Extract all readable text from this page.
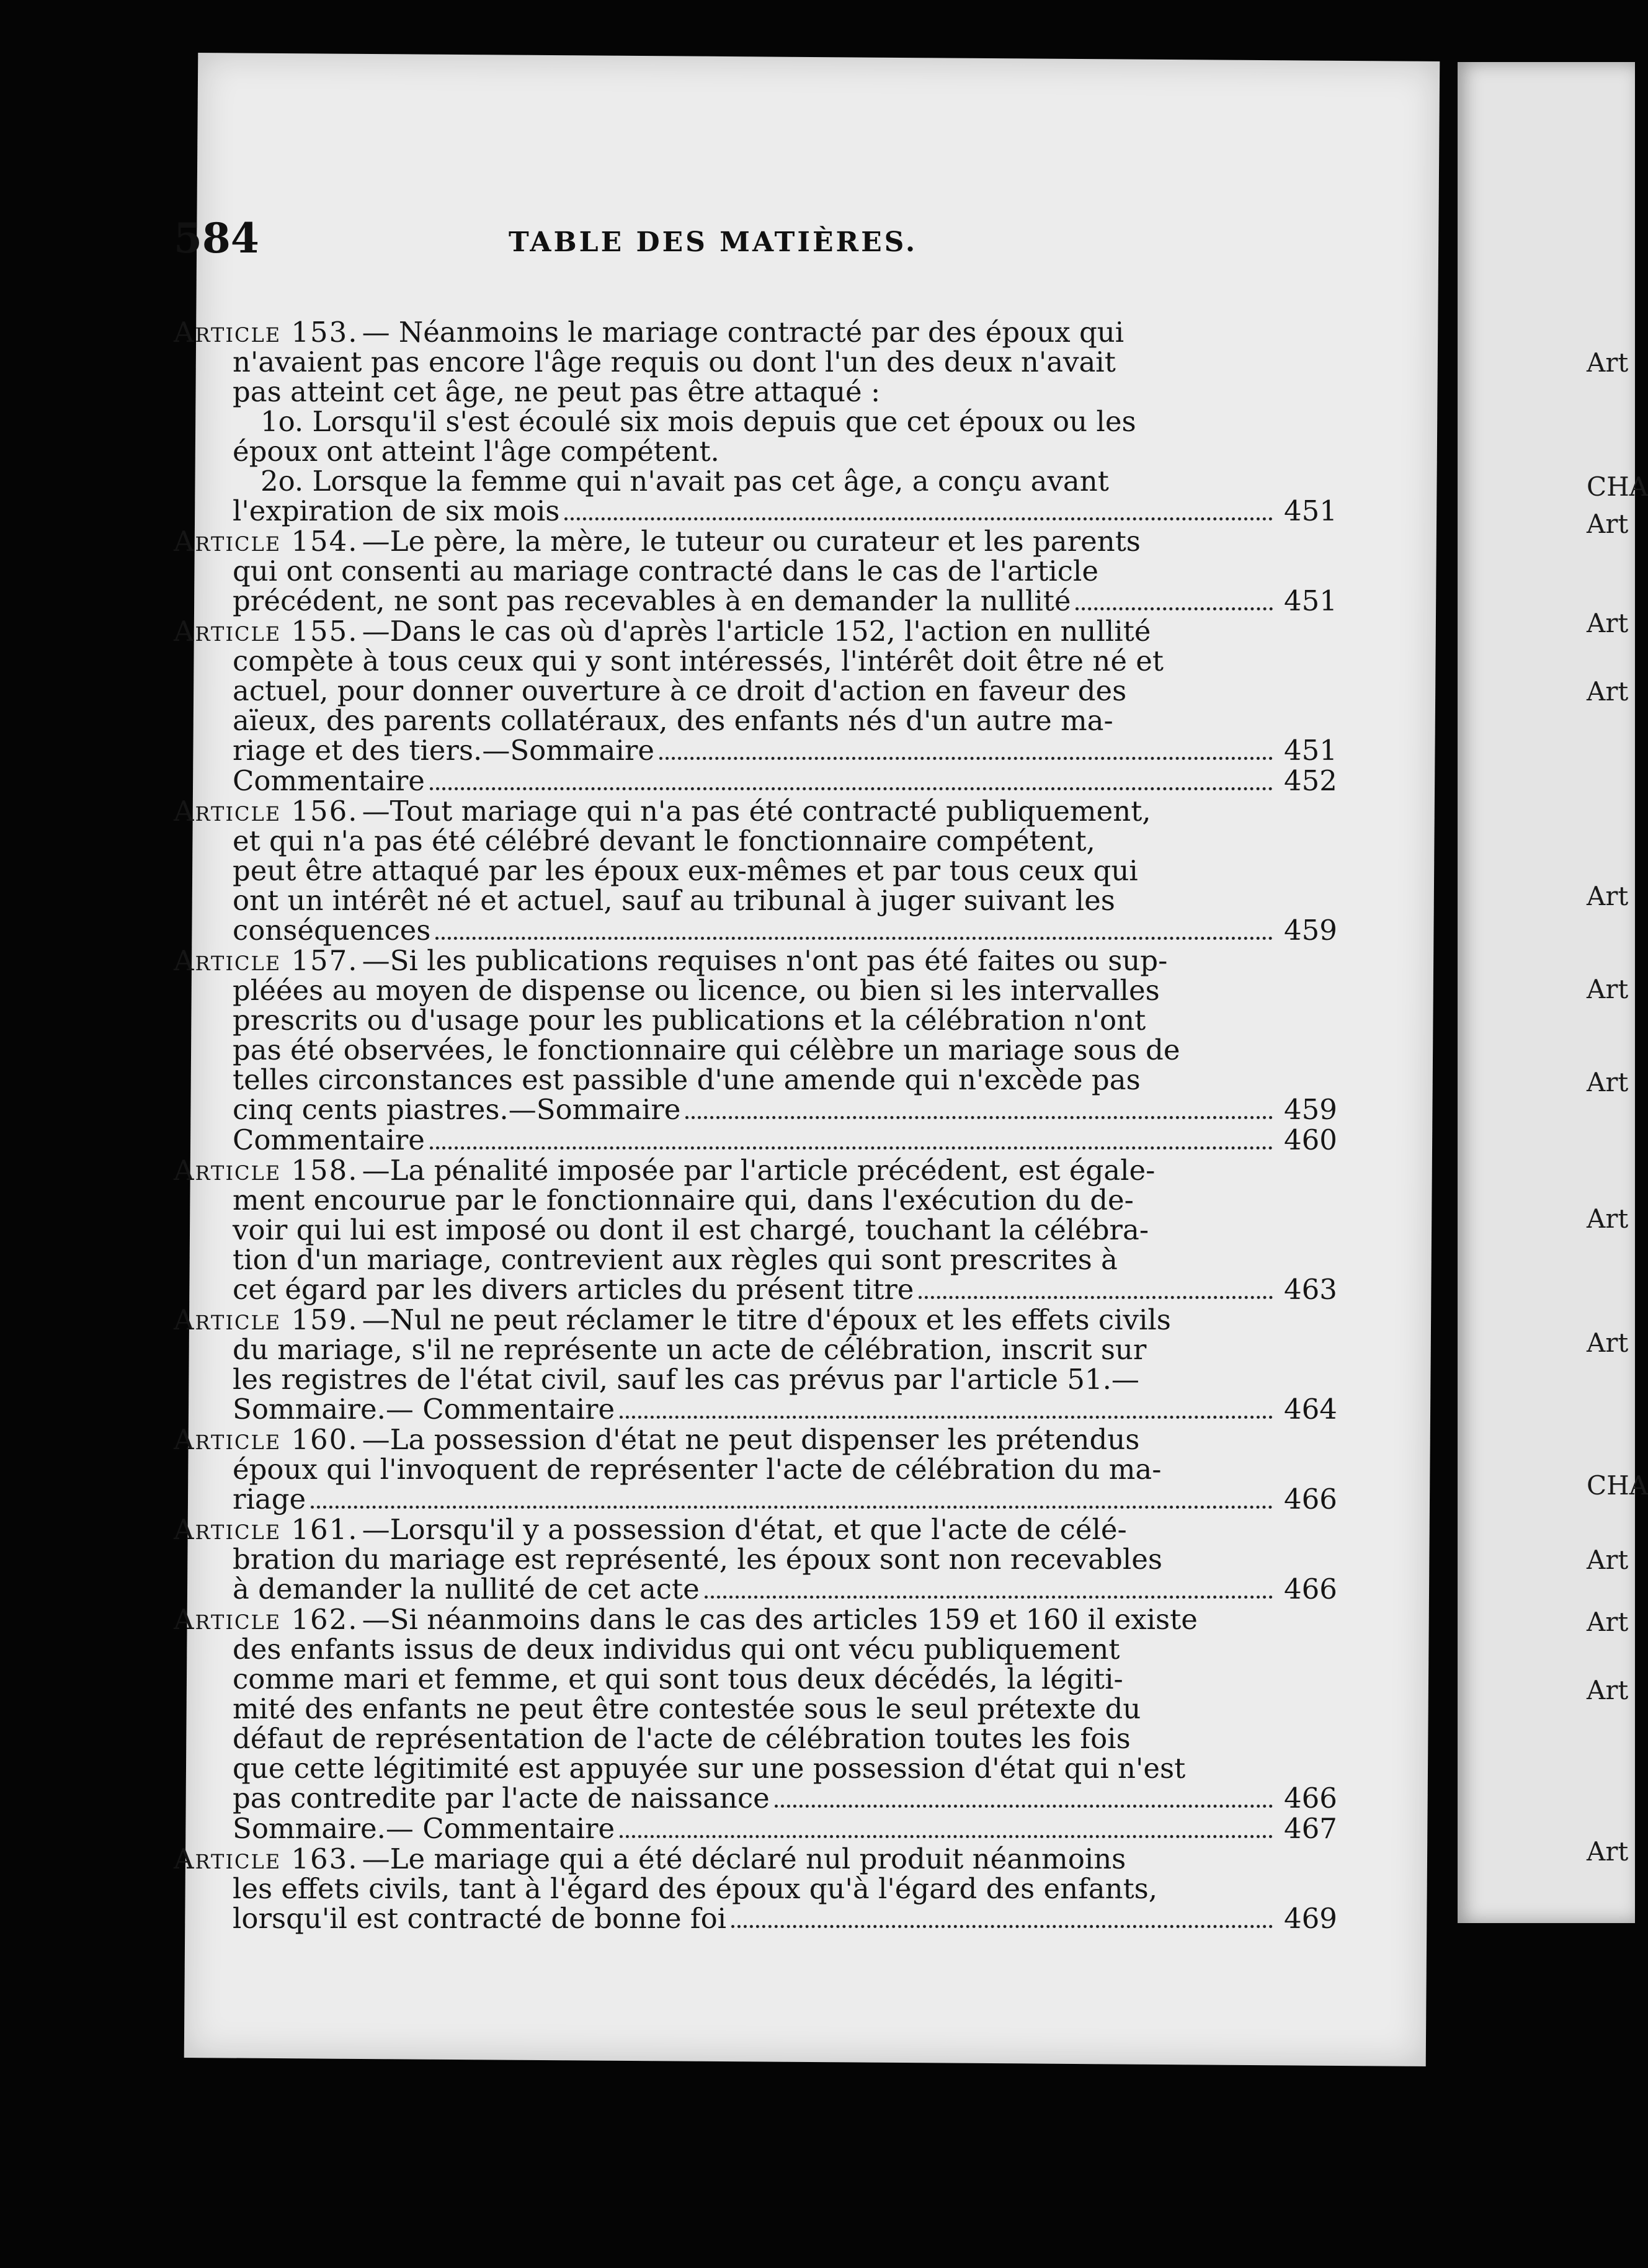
Art
CHA
Art
Art
Art
Art
Art
Art
Art
Art
CHA
Art
Art
Art
Art
584	TABLE DES MATIÈRES.
Article 153. — Néanmoins le mariage contracté par des époux qui
n'avaient pas encore l'âge requis ou dont l'un des deux n'avait
pas atteint cet âge, ne peut pas être attaqué :
1o. Lorsqu'il s'est écoulé six mois depuis que cet époux ou les
époux ont atteint l'âge compétent.
2o. Lorsque la femme qui n'avait pas cet âge, a conçu avant
l'expiration de six mois	451
Article 154. —Le père, la mère, le tuteur ou curateur et les parents
qui ont consenti au mariage contracté dans le cas de l'article
précédent, ne sont pas recevables à en demander la nullité	451
Article 155. —Dans le cas où d'après l'article 152, l'action en nullité
compète à tous ceux qui y sont intéressés, l'intérêt doit être né et
actuel, pour donner ouverture à ce droit d'action en faveur des
aïeux, des parents collatéraux, des enfants nés d'un autre ma-
riage et des tiers.—Sommaire	451
Commentaire	452
Article 156. —Tout mariage qui n'a pas été contracté publiquement,
et qui n'a pas été célébré devant le fonctionnaire compétent,
peut être attaqué par les époux eux-mêmes et par tous ceux qui
ont un intérêt né et actuel, sauf au tribunal à juger suivant les
conséquences	459
Article 157. —Si les publications requises n'ont pas été faites ou sup-
pléées au moyen de dispense ou licence, ou bien si les intervalles
prescrits ou d'usage pour les publications et la célébration n'ont
pas été observées, le fonctionnaire qui célèbre un mariage sous de
telles circonstances est passible d'une amende qui n'excède pas
cinq cents piastres.—Sommaire	459
Commentaire	460
Article 158. —La pénalité imposée par l'article précédent, est égale-
ment encourue par le fonctionnaire qui, dans l'exécution du de-
voir qui lui est imposé ou dont il est chargé, touchant la célébra-
tion d'un mariage, contrevient aux règles qui sont prescrites à
cet égard par les divers articles du présent titre	463
Article 159. —Nul ne peut réclamer le titre d'époux et les effets civils
du mariage, s'il ne représente un acte de célébration, inscrit sur
les registres de l'état civil, sauf les cas prévus par l'article 51.—
Sommaire.— Commentaire	464
Article 160. —La possession d'état ne peut dispenser les prétendus
époux qui l'invoquent de représenter l'acte de célébration du ma-
riage	466
Article 161. —Lorsqu'il y a possession d'état, et que l'acte de célé-
bration du mariage est représenté, les époux sont non recevables
à demander la nullité de cet acte	466
Article 162. —Si néanmoins dans le cas des articles 159 et 160 il existe
des enfants issus de deux individus qui ont vécu publiquement
comme mari et femme, et qui sont tous deux décédés, la légiti-
mité des enfants ne peut être contestée sous le seul prétexte du
défaut de représentation de l'acte de célébration toutes les fois
que cette légitimité est appuyée sur une possession d'état qui n'est
pas contredite par l'acte de naissance	466
Sommaire.— Commentaire	467
Article 163. —Le mariage qui a été déclaré nul produit néanmoins
les effets civils, tant à l'égard des époux qu'à l'égard des enfants,
lorsqu'il est contracté de bonne foi	469
